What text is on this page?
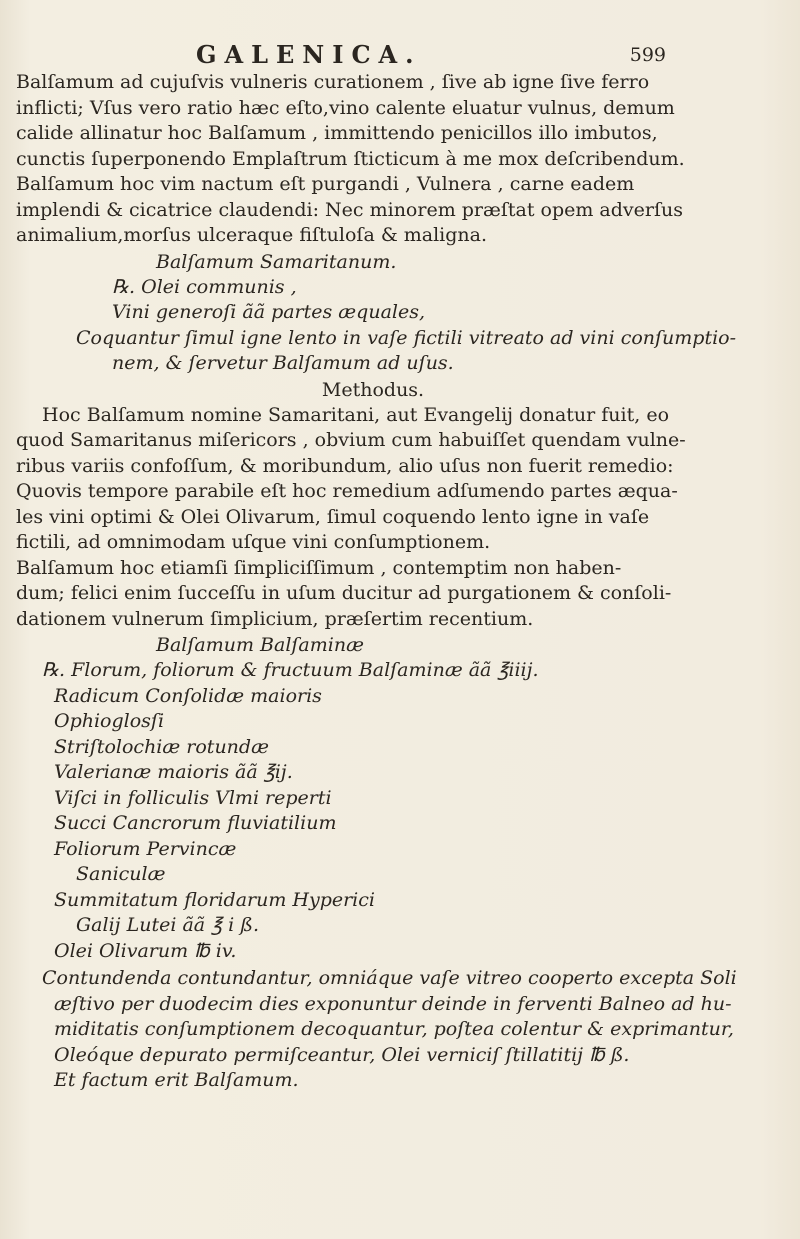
GALENICA.	599

Balſamum ad cujuſvis vulneris curationem , ſive ab igne ſive ferro

inflicti; Vſus vero ratio hæc eſto,vino calente eluatur vulnus, demum

calide allinatur hoc Balſamum , immittendo penicillos illo imbutos,

cunctis ſuperponendo Emplaſtrum ſticticum à me mox deſcribendum.

Balſamum hoc vim nactum eſt purgandi , Vulnera , carne eadem

implendi & cicatrice claudendi: Nec minorem præſtat opem adverſus

animalium,morſus ulceraque fiſtuloſa & maligna.

Balſamum Samaritanum.

℞. Olei communis ,

Vini generoſi ãã partes æquales,

Coquantur ſimul igne lento in vaſe fictili vitreato ad vini conſumptio-

nem, & ſervetur Balſamum ad uſus.

Methodus.

Hoc Balſamum nomine Samaritani, aut Evangelij donatur fuit, eo

quod Samaritanus miſericors , obvium cum habuiſſet quendam vulne-

ribus variis confoſſum, & moribundum, alio uſus non fuerit remedio:

Quovis tempore parabile eſt hoc remedium adſumendo partes æqua-

les vini optimi & Olei Olivarum, ſimul coquendo lento igne in vaſe

fictili, ad omnimodam uſque vini conſumptionem.

Balſamum hoc etiamſi ſimpliciſſimum , contemptim non haben-

dum; felici enim ſucceſſu in uſum ducitur ad purgationem & conſoli-

dationem vulnerum ſimplicium, præſertim recentium.

Balſamum Balſaminæ

℞. Florum, foliorum & fructuum Balſaminæ ãã ℥iiij.

Radicum Conſolidæ maioris

Ophioglosſi

Striſtolochiæ rotundæ

Valerianæ maioris ãã ℥ij.

Viſci in folliculis Vlmi reperti

Succi Cancrorum fluviatilium

Foliorum Pervincæ

Saniculæ

Summitatum floridarum Hyperici

Galij Lutei ãã ℥ i ß.

Olei Olivarum ℔ iv.

Contundenda contundantur, omniáque vaſe vitreo cooperto excepta Soli

æſtivo per duodecim dies exponuntur deinde in ferventi Balneo ad hu-

miditatis conſumptionem decoquantur, poſtea colentur & exprimantur,

Oleóque depurato permiſceantur, Olei verniciſ ſtillatitij ℔ ß.

Et factum erit Balſamum.
